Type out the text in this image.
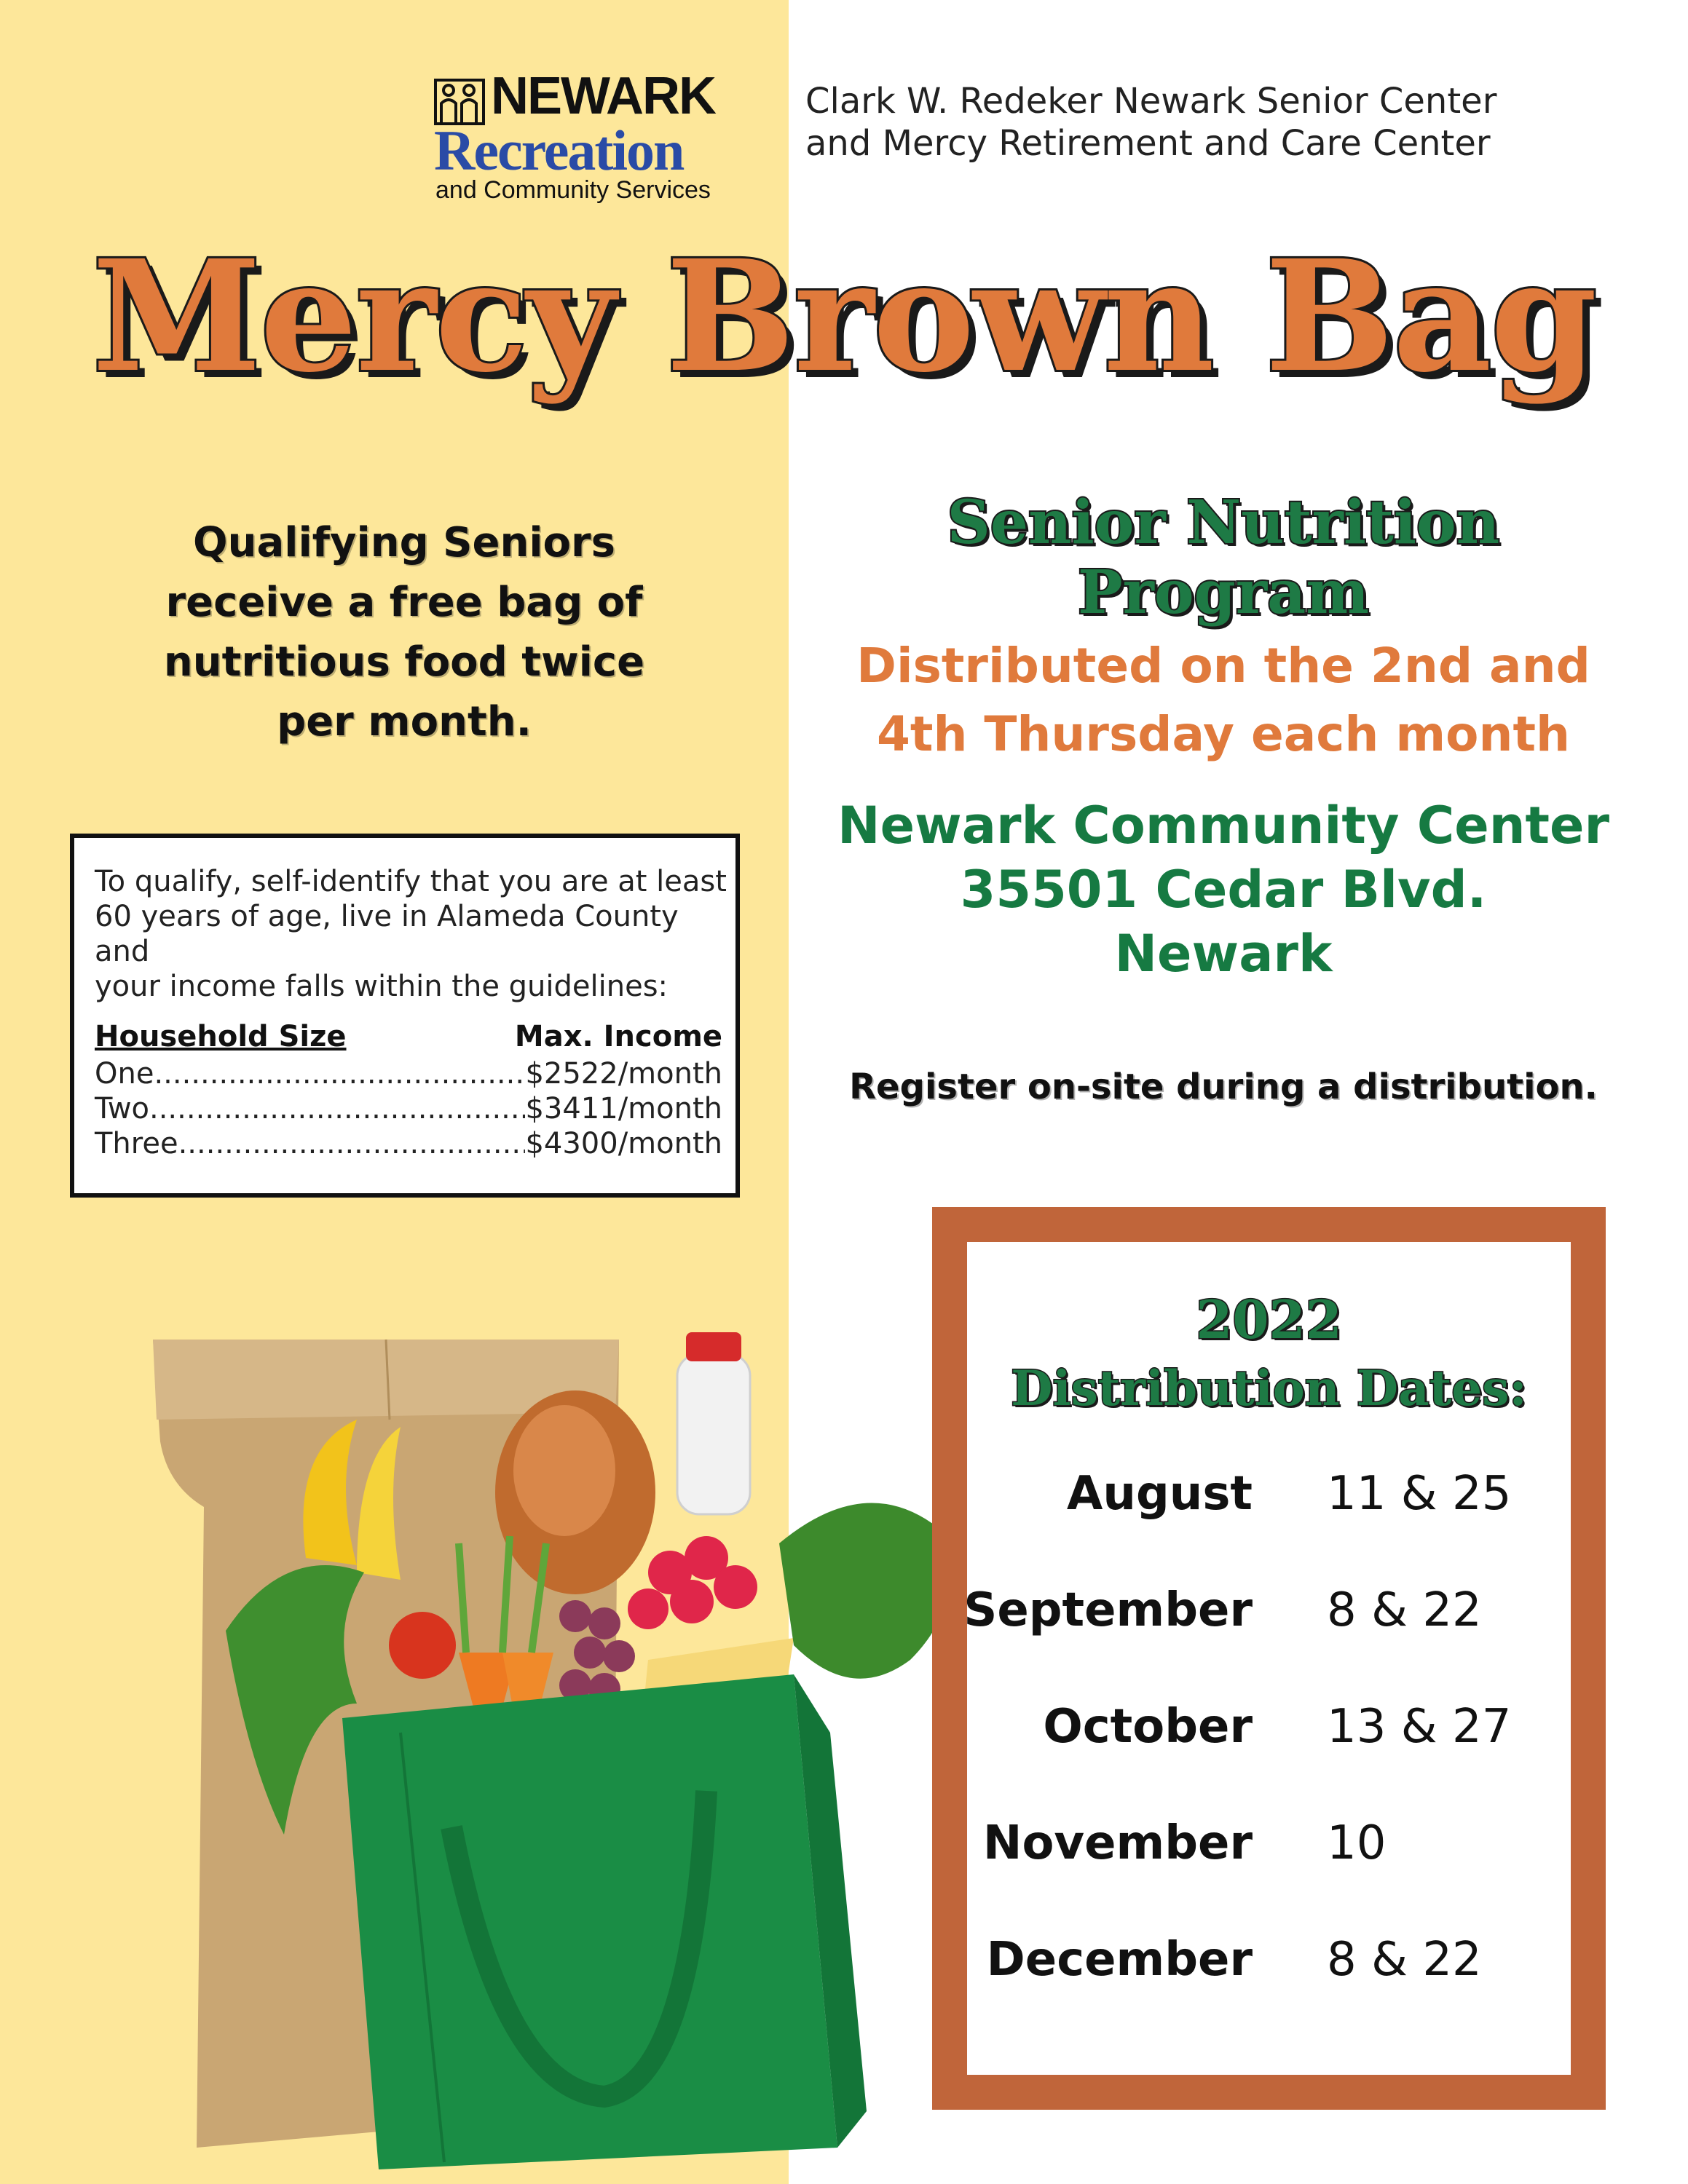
NEWARK
Recreation
and Community Services
Clark W. Redeker Newark Senior Center
and Mercy Retirement and Care Center
Mercy Brown Bag
Qualifying Seniors
receive a free bag of
nutritious food twice
per month.
Senior Nutrition Program
Distributed on the 2nd and
4th Thursday each month
Newark Community Center
35501 Cedar Blvd.
Newark
Register on-site during a distribution.
To qualify, self-identify that you are at least
60 years of age, live in Alameda County and
your income falls within the guidelines:
Household Size	Max. Income
One .....	$2522/month
Two .....	$3411/month
Three .....	$4300/month
2022
Distribution Dates:
August 11 & 25
September 8 & 22
October 13 & 27
November 10
December 8 & 22
